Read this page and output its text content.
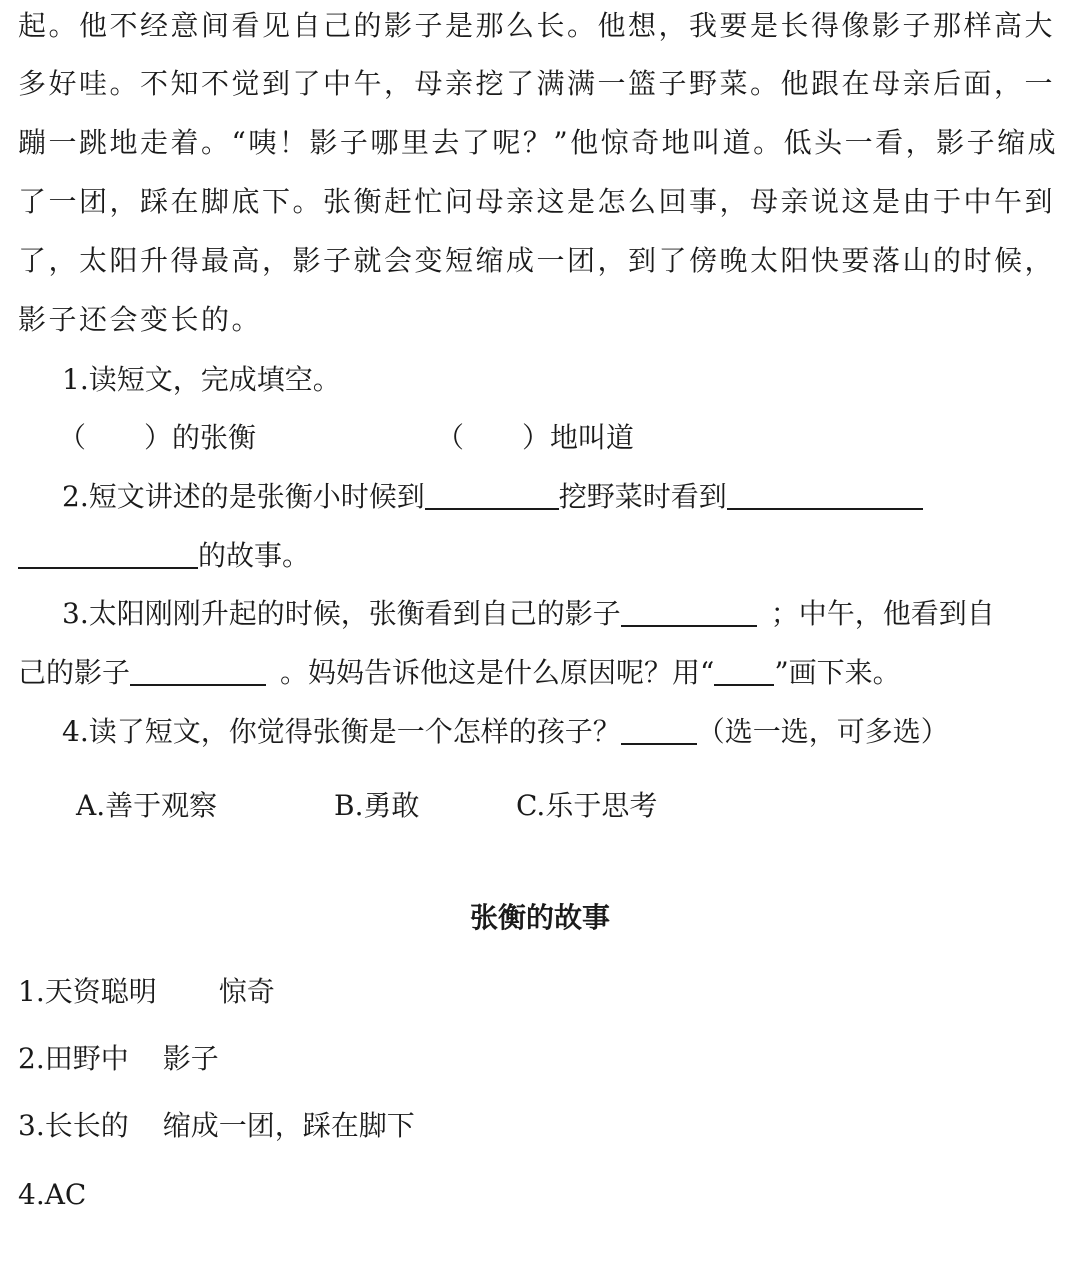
起。他不经意间看见自己的影子是那么长。他想，我要是长得像影子那样高大
多好哇。不知不觉到了中午，母亲挖了满满一篮子野菜。他跟在母亲后面，一
蹦一跳地走着。“咦！影子哪里去了呢？”他惊奇地叫道。低头一看，影子缩成
了一团，踩在脚底下。张衡赶忙问母亲这是怎么回事，母亲说这是由于中午到
了，太阳升得最高，影子就会变短缩成一团，到了傍晚太阳快要落山的时候，
影子还会变长的。
1.读短文，完成填空。
（ ）的张衡	（ ）地叫道
2.短文讲述的是张衡小时候到	挖野菜时看到
的故事。
3.太阳刚刚升起的时候，张衡看到自己的影子	；中午，他看到自
己的影子	。妈妈告诉他这是什么原因呢？用“ ”画下来。
4.读了短文，你觉得张衡是一个怎样的孩子？	（选一选，可多选）
A.善于观察	B.勇敢	C.乐于思考
张衡的故事
1.天资聪明 惊奇
2.田野中 影子
3.长长的 缩成一团，踩在脚下
4.AC
